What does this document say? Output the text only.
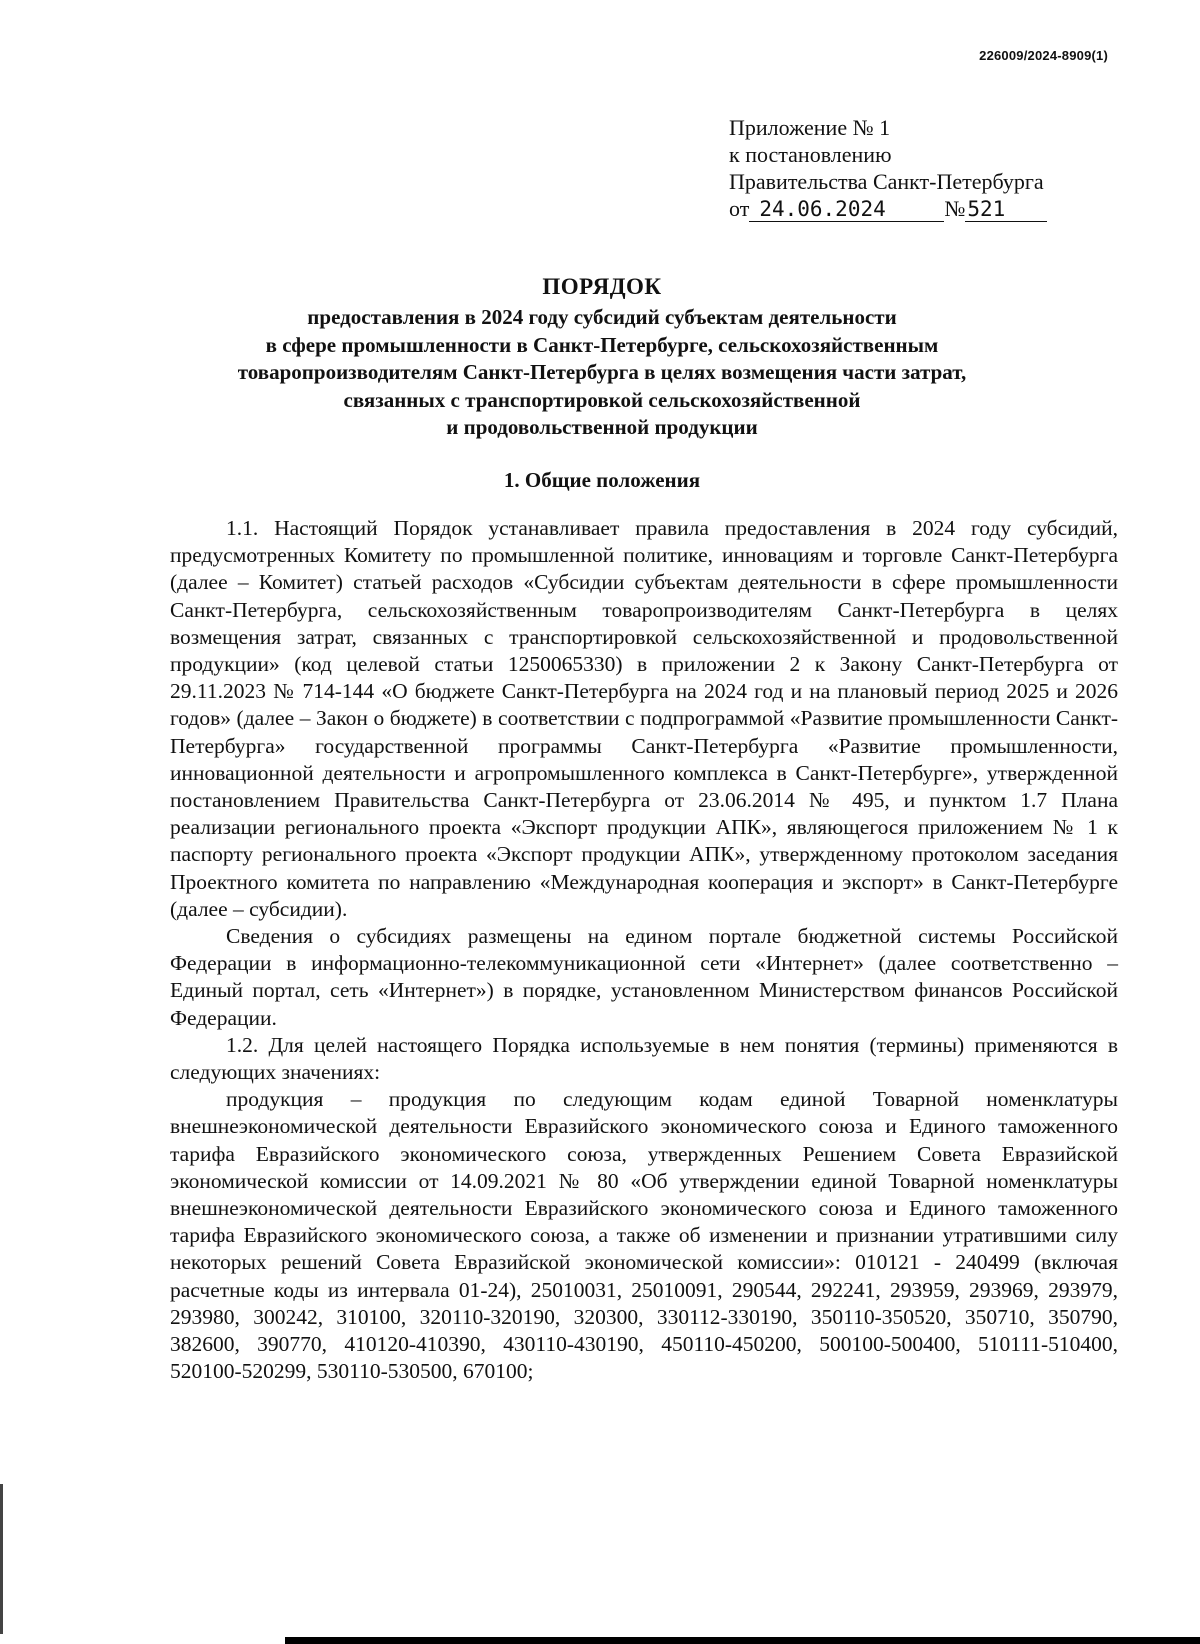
226009/2024-8909(1)
Приложение № 1
к постановлению
Правительства Санкт-Петербурга
от 24.06.2024	№521
ПОРЯДОК
предоставления в 2024 году субсидий субъектам деятельности
в сфере промышленности в Санкт-Петербурге, сельскохозяйственным
товаропроизводителям Санкт-Петербурга в целях возмещения части затрат,
связанных с транспортировкой сельскохозяйственной
и продовольственной продукции
1. Общие положения

1.1. Настоящий Порядок устанавливает правила предоставления в 2024 году субсидий, предусмотренных Комитету по промышленной политике, инновациям и торговле Санкт-Петербурга (далее – Комитет) статьей расходов «Субсидии субъектам деятельности в сфере промышленности Санкт-Петербурга, сельскохозяйственным товаропроизводителям Санкт-Петербурга в целях возмещения затрат, связанных с транспортировкой сельскохозяйственной и продовольственной продукции» (код целевой статьи 1250065330) в приложении 2 к Закону Санкт-Петербурга от 29.11.2023 № 714-144 «О бюджете Санкт-Петербурга на 2024 год и на плановый период 2025 и 2026 годов» (далее – Закон о бюджете) в соответствии с подпрограммой «Развитие промышленности Санкт-Петербурга» государственной программы Санкт-Петербурга «Развитие промышленности, инновационной деятельности и агропромышленного комплекса в Санкт-Петербурге», утвержденной постановлением Правительства Санкт-Петербурга от 23.06.2014 № 495, и пунктом 1.7 Плана реализации регионального проекта «Экспорт продукции АПК», являющегося приложением № 1 к паспорту регионального проекта «Экспорт продукции АПК», утвержденному протоколом заседания Проектного комитета по направлению «Международная кооперация и экспорт» в Санкт-Петербурге (далее – субсидии).

Сведения о субсидиях размещены на едином портале бюджетной системы Российской Федерации в информационно-телекоммуникационной сети «Интернет» (далее соответственно – Единый портал, сеть «Интернет») в порядке, установленном Министерством финансов Российской Федерации.

1.2. Для целей настоящего Порядка используемые в нем понятия (термины) применяются в следующих значениях:

продукция – продукция по следующим кодам единой Товарной номенклатуры внешнеэкономической деятельности Евразийского экономического союза и Единого таможенного тарифа Евразийского экономического союза, утвержденных Решением Совета Евразийской экономической комиссии от 14.09.2021 № 80 «Об утверждении единой Товарной номенклатуры внешнеэкономической деятельности Евразийского экономического союза и Единого таможенного тарифа Евразийского экономического союза, а также об изменении и признании утратившими силу некоторых решений Совета Евразийской экономической комиссии»: 010121 - 240499 (включая расчетные коды из интервала 01-24), 25010031, 25010091, 290544, 292241, 293959, 293969, 293979, 293980, 300242, 310100, 320110-320190, 320300, 330112-330190, 350110-350520, 350710, 350790, 382600, 390770, 410120-410390, 430110-430190, 450110-450200, 500100-500400, 510111-510400, 520100-520299, 530110-530500, 670100;
